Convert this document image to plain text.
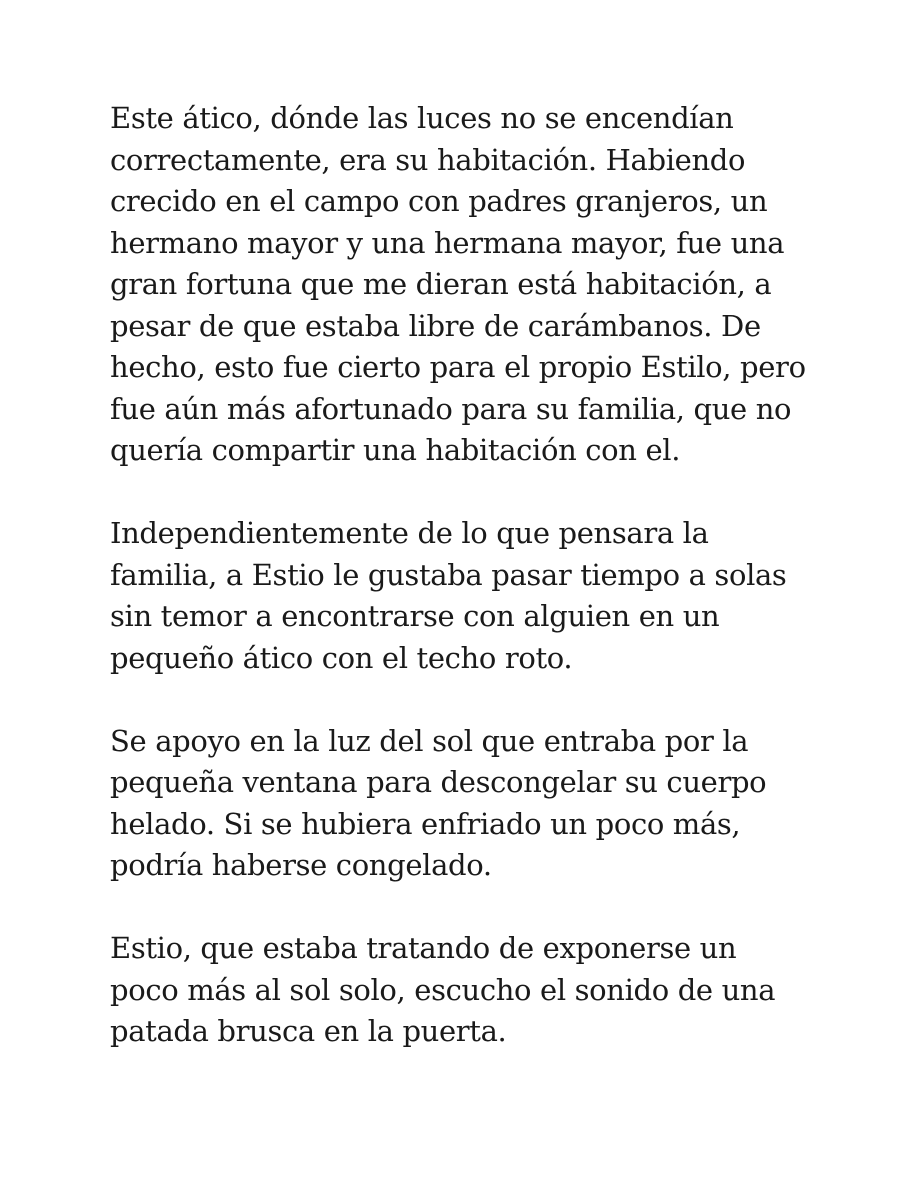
Este ático, dónde las luces no se encendían
correctamente, era su habitación. Habiendo
crecido en el campo con padres granjeros, un
hermano mayor y una hermana mayor, fue una
gran fortuna que me dieran está habitación, a
pesar de que estaba libre de carámbanos. De
hecho, esto fue cierto para el propio Estilo, pero
fue aún más afortunado para su familia, que no
quería compartir una habitación con el.

Independientemente de lo que pensara la
familia, a Estio le gustaba pasar tiempo a solas
sin temor a encontrarse con alguien en un
pequeño ático con el techo roto.

Se apoyo en la luz del sol que entraba por la
pequeña ventana para descongelar su cuerpo
helado. Si se hubiera enfriado un poco más,
podría haberse congelado.

Estio, que estaba tratando de exponerse un
poco más al sol solo, escucho el sonido de una
patada brusca en la puerta.
